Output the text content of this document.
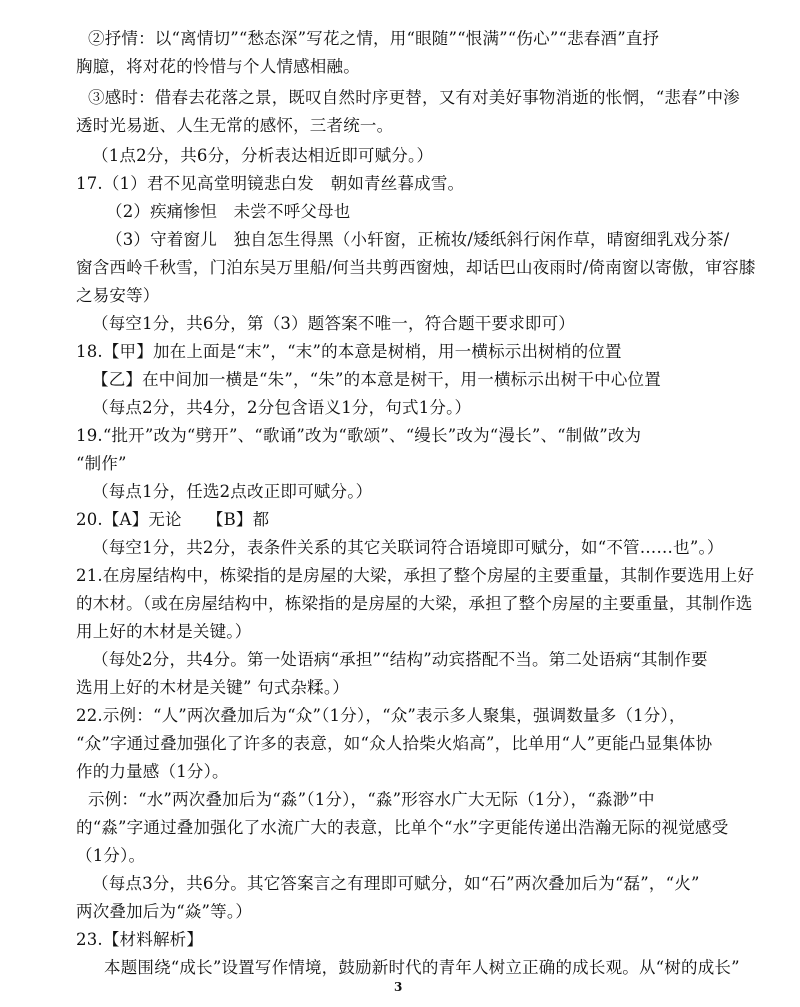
②抒情：以“离情切”“愁态深”写花之情，用“眼随”“恨满”“伤心”“悲春酒”直抒
胸臆，将对花的怜惜与个人情感相融。
③感时：借春去花落之景，既叹自然时序更替，又有对美好事物消逝的怅惘，“悲春”中渗
透时光易逝、人生无常的感怀，三者统一。
（1点2分，共6分，分析表达相近即可赋分。）
17.（1）君不见高堂明镜悲白发　朝如青丝暮成雪。
（2）疾痛惨怛　未尝不呼父母也
（3）守着窗儿　独自怎生得黑（小轩窗，正梳妆/矮纸斜行闲作草，晴窗细乳戏分茶/
窗含西岭千秋雪，门泊东吴万里船/何当共剪西窗烛，却话巴山夜雨时/倚南窗以寄傲，审容膝
之易安等）
（每空1分，共6分，第（3）题答案不唯一，符合题干要求即可）
18.【甲】加在上面是“末”，“末”的本意是树梢，用一横标示出树梢的位置
【乙】在中间加一横是“朱”，“朱”的本意是树干，用一横标示出树干中心位置
（每点2分，共4分，2分包含语义1分，句式1分。）
19.“批开”改为“劈开”、“歌诵”改为“歌颂”、“缦长”改为“漫长”、“制做”改为
“制作”
（每点1分，任选2点改正即可赋分。）
20.【A】无论　　【B】都
（每空1分，共2分，表条件关系的其它关联词符合语境即可赋分，如“不管……也”。）
21.在房屋结构中，栋梁指的是房屋的大梁，承担了整个房屋的主要重量，其制作要选用上好
的木材。（或在房屋结构中，栋梁指的是房屋的大梁，承担了整个房屋的主要重量，其制作选
用上好的木材是关键。）
（每处2分，共4分。第一处语病“承担”“结构”动宾搭配不当。第二处语病“其制作要
选用上好的木材是关键” 句式杂糅。）
22.示例：“人”两次叠加后为“众”（1分），“众”表示多人聚集，强调数量多（1分），
“众”字通过叠加强化了许多的表意，如“众人拾柴火焰高”，比单用“人”更能凸显集体协
作的力量感（1分）。
示例：“水”两次叠加后为“淼”（1分），“淼”形容水广大无际（1分），“淼渺”中
的“淼”字通过叠加强化了水流广大的表意，比单个“水”字更能传递出浩瀚无际的视觉感受
（1分）。
（每点3分，共6分。其它答案言之有理即可赋分，如“石”两次叠加后为“磊”，“火”
两次叠加后为“焱”等。）
23.【材料解析】
本题围绕“成长”设置写作情境，鼓励新时代的青年人树立正确的成长观。从“树的成长”
3
